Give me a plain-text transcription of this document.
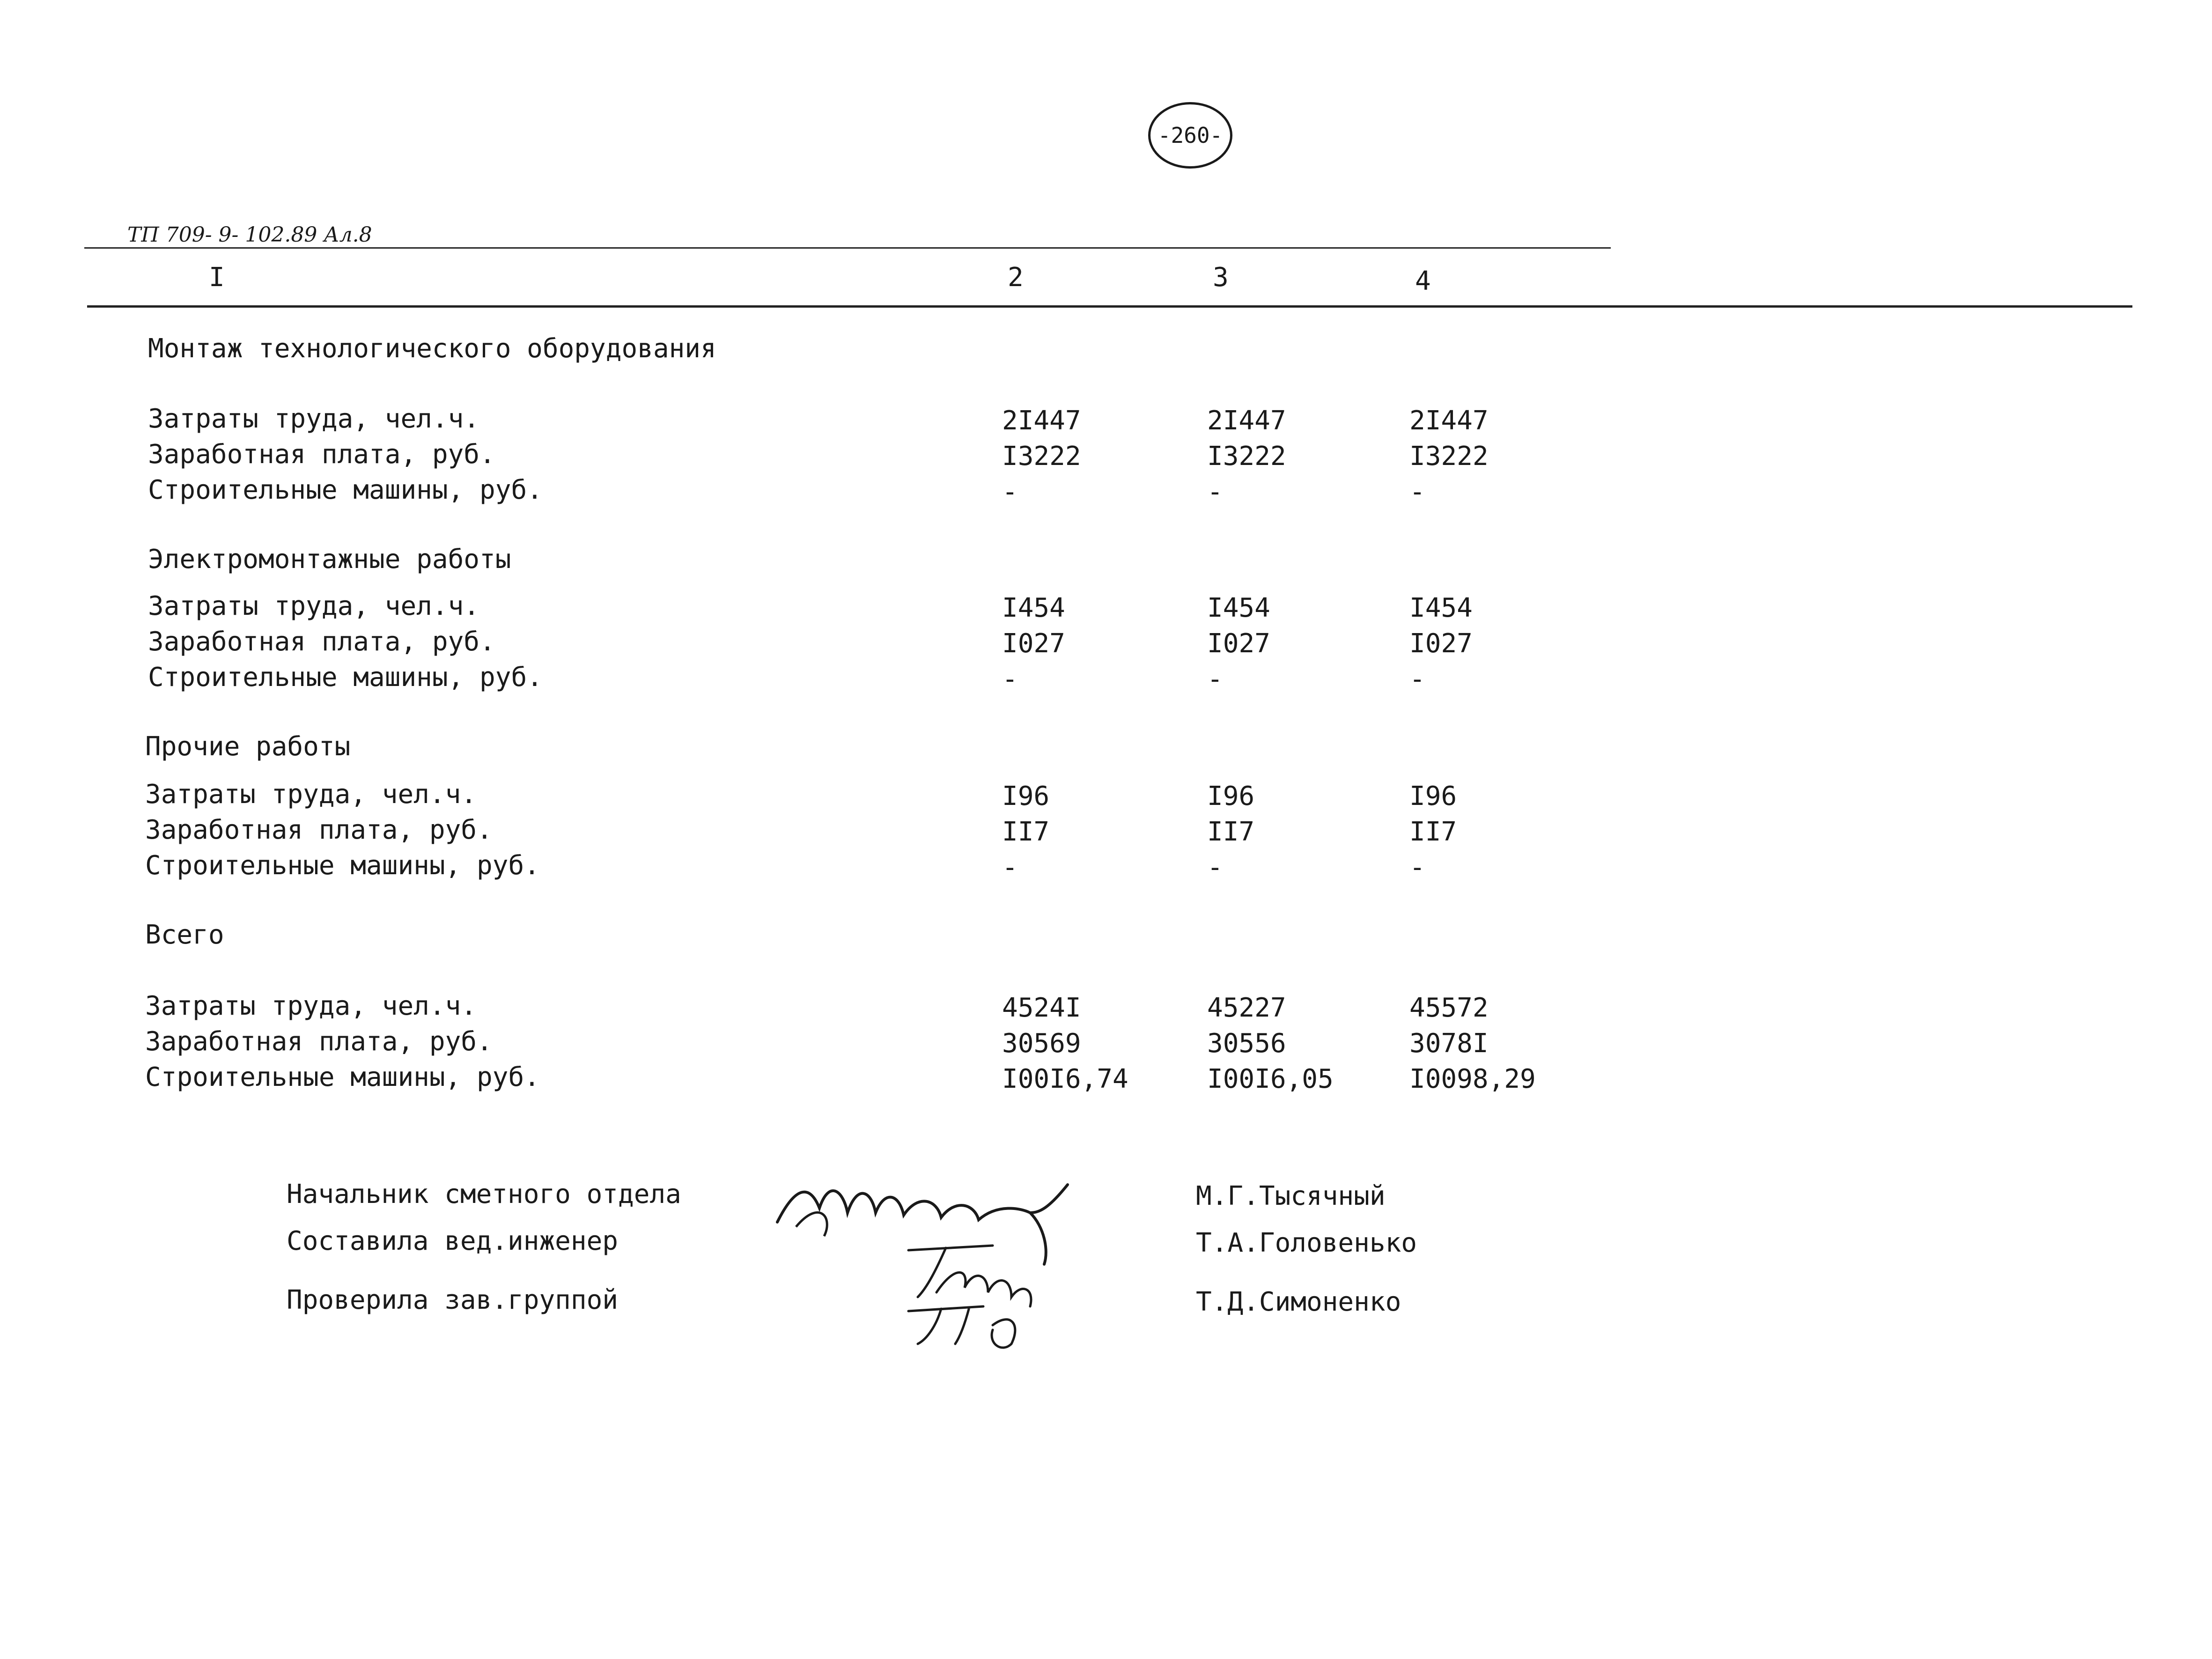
-260-
ТП 709- 9- 102.89 Ал.8
I	2	3	4
Монтаж технологического оборудования
Затраты труда, чел.ч.	2I447	2I447	2I447
Заработная плата, руб.	I3222	I3222	I3222
Строительные машины, руб.	-	-	-
Электромонтажные работы
Затраты труда, чел.ч.	I454	I454	I454
Заработная плата, руб.	I027	I027	I027
Строительные машины, руб.	-	-	-
Прочие работы
Затраты труда, чел.ч.	I96	I96	I96
Заработная плата, руб.	II7	II7	II7
Строительные машины, руб.	-	-	-
Всего
Затраты труда, чел.ч.	4524I	45227	45572
Заработная плата, руб.	30569	30556	3078I
Строительные машины, руб.	I00I6,74	I00I6,05	I0098,29
Начальник сметного отдела	М.Г.Тысячный
Составила вед.инженер	Т.А.Головенько
Проверила зав.группой	Т.Д.Симоненко
